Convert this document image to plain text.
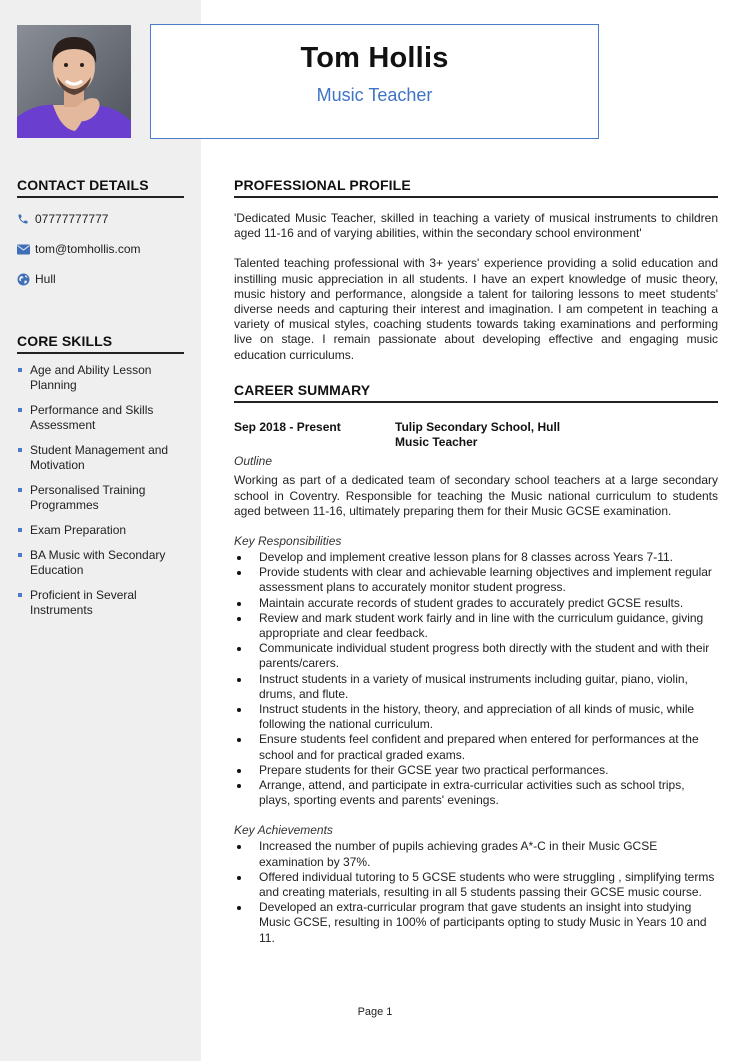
Tom Hollis
Music Teacher
CONTACT DETAILS
07777777777
tom@tomhollis.com
Hull
CORE SKILLS
Age and Ability Lesson Planning
Performance and Skills Assessment
Student Management and Motivation
Personalised Training Programmes
Exam Preparation
BA Music with Secondary Education
Proficient in Several Instruments
PROFESSIONAL PROFILE

'Dedicated Music Teacher, skilled in teaching a variety of musical instruments to children aged 11-16 and of varying abilities, within the secondary school environment'

Talented teaching professional with 3+ years' experience providing a solid education and instilling music appreciation in all students. I have an expert knowledge of music theory, music history and performance, alongside a talent for tailoring lessons to meet students' diverse needs and capturing their interest and imagination. I am competent in teaching a variety of musical styles, coaching students towards taking examinations and performing live on stage. I remain passionate about developing effective and engaging music education curriculums.

CAREER SUMMARY
Sep 2018 - Present	Tulip Secondary School, Hull
Music Teacher
Outline

Working as part of a dedicated team of secondary school teachers at a large secondary school in Coventry. Responsible for teaching the Music national curriculum to students aged between 11-16, ultimately preparing them for their Music GCSE examination.

Key Responsibilities
Develop and implement creative lesson plans for 8 classes across Years 7-11.
Provide students with clear and achievable learning objectives and implement regular assessment plans to accurately monitor student progress.
Maintain accurate records of student grades to accurately predict GCSE results.
Review and mark student work fairly and in line with the curriculum guidance, giving appropriate and clear feedback.
Communicate individual student progress both directly with the student and with their parents/carers.
Instruct students in a variety of musical instruments including guitar, piano, violin, drums, and flute.
Instruct students in the history, theory, and appreciation of all kinds of music, while following the national curriculum.
Ensure students feel confident and prepared when entered for performances at the school and for practical graded exams.
Prepare students for their GCSE year two practical performances.
Arrange, attend, and participate in extra-curricular activities such as school trips, plays, sporting events and parents' evenings.
Key Achievements
Increased the number of pupils achieving grades A*-C in their Music GCSE examination by 37%.
Offered individual tutoring to 5 GCSE students who were struggling , simplifying terms and creating materials, resulting in all 5 students passing their GCSE music course.
Developed an extra-curricular program that gave students an insight into studying Music GCSE, resulting in 100% of participants opting to study Music in Years 10 and 11.
Page 1
